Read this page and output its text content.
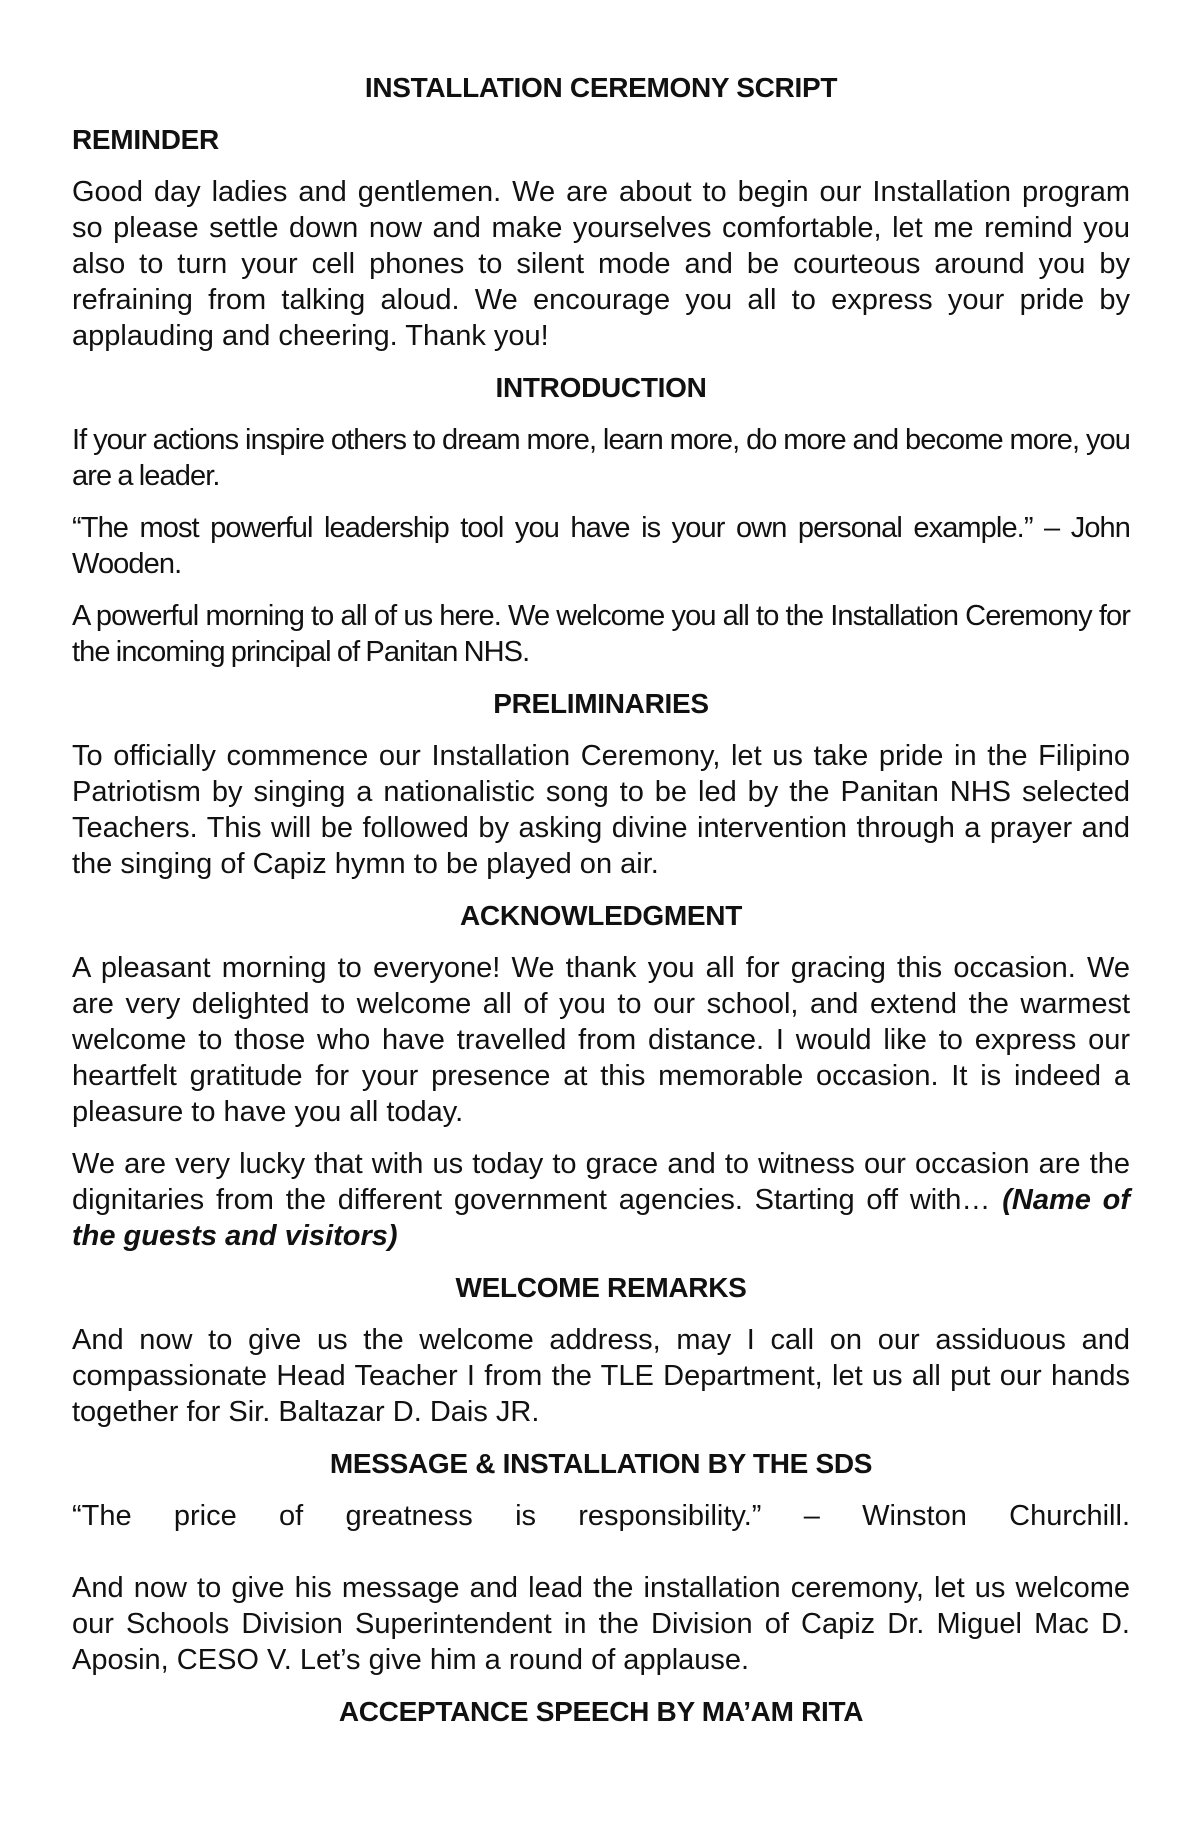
INSTALLATION CEREMONY SCRIPT
REMINDER

Good day ladies and gentlemen. We are about to begin our Installation program so please settle down now and make yourselves comfortable, let me remind you also to turn your cell phones to silent mode and be courteous around you by refraining from talking aloud. We encourage you all to express your pride by applauding and cheering. Thank you!

INTRODUCTION

If your actions inspire others to dream more, learn more, do more and become more, you are a leader.

“The most powerful leadership tool you have is your own personal example.” – John Wooden.

A powerful morning to all of us here. We welcome you all to the Installation Ceremony for the incoming principal of Panitan NHS.

PRELIMINARIES

To officially commence our Installation Ceremony, let us take pride in the Filipino Patriotism by singing a nationalistic song to be led by the Panitan NHS selected Teachers. This will be followed by asking divine intervention through a prayer and the singing of Capiz hymn to be played on air.

ACKNOWLEDGMENT

A pleasant morning to everyone! We thank you all for gracing this occasion. We are very delighted to welcome all of you to our school, and extend the warmest welcome to those who have travelled from distance. I would like to express our heartfelt gratitude for your presence at this memorable occasion. It is indeed a pleasure to have you all today.

We are very lucky that with us today to grace and to witness our occasion are the dignitaries from the different government agencies. Starting off with… (Name of the guests and visitors)

WELCOME REMARKS

And now to give us the welcome address, may I call on our assiduous and compassionate Head Teacher I from the TLE Department, let us all put our hands together for Sir. Baltazar D. Dais JR.

MESSAGE & INSTALLATION BY THE SDS

“The price of greatness is responsibility.” – Winston Churchill.

And now to give his message and lead the installation ceremony, let us welcome our Schools Division Superintendent in the Division of Capiz Dr. Miguel Mac D. Aposin, CESO V. Let’s give him a round of applause.

ACCEPTANCE SPEECH BY MA’AM RITA
